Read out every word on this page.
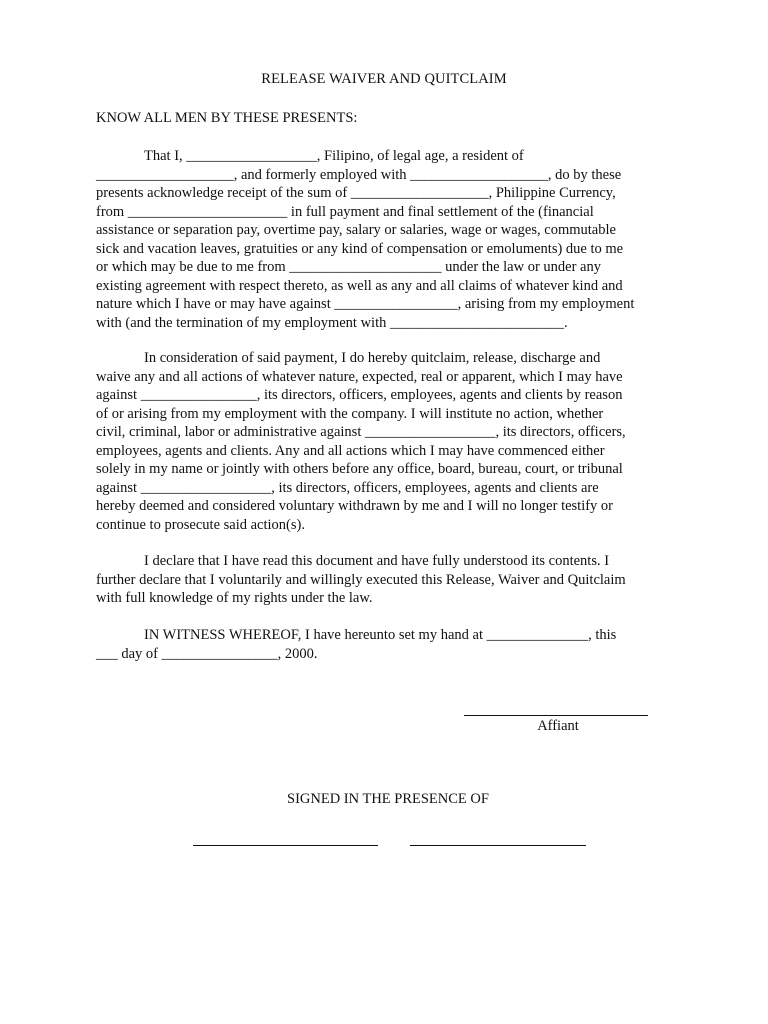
RELEASE WAIVER AND QUITCLAIM
KNOW ALL MEN BY THESE PRESENTS:
That I, __________________, Filipino, of legal age, a resident of
___________________, and formerly employed with ___________________, do by these
presents acknowledge receipt of the sum of ___________________, Philippine Currency,
from ______________________ in full payment and final settlement of the (financial
assistance or separation pay, overtime pay, salary or salaries, wage or wages, commutable
sick and vacation leaves, gratuities or any kind of compensation or emoluments) due to me
or which may be due to me from _____________________ under the law or under any
existing agreement with respect thereto, as well as any and all claims of whatever kind and
nature which I have or may have against _________________, arising from my employment
with (and the termination of my employment with ________________________.
In consideration of said payment, I do hereby quitclaim, release, discharge and
waive any and all actions of whatever nature, expected, real or apparent, which I may have
against ________________, its directors, officers, employees, agents and clients by reason
of or arising from my employment with the company. I will institute no action, whether
civil, criminal, labor or administrative against __________________, its directors, officers,
employees, agents and clients. Any and all actions which I may have commenced either
solely in my name or jointly with others before any office, board, bureau, court, or tribunal
against __________________, its directors, officers, employees, agents and clients are
hereby deemed and considered voluntary withdrawn by me and I will no longer testify or
continue to prosecute said action(s).
I declare that I have read this document and have fully understood its contents. I
further declare that I voluntarily and willingly executed this Release, Waiver and Quitclaim
with full knowledge of my rights under the law.
IN WITNESS WHEREOF, I have hereunto set my hand at ______________, this
___ day of ________________, 2000.
Affiant
SIGNED IN THE PRESENCE OF
